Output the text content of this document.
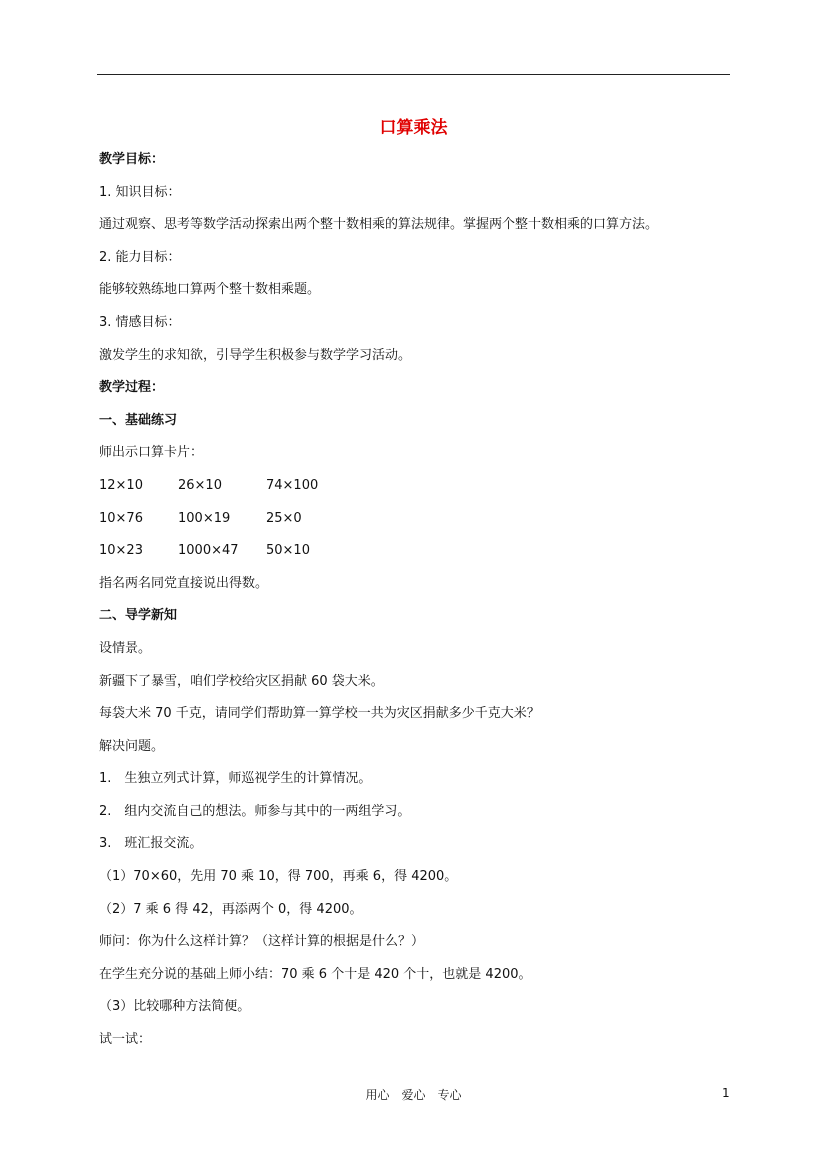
口算乘法
教学目标：
1. 知识目标：
通过观察、思考等数学活动探索出两个整十数相乘的算法规律。掌握两个整十数相乘的口算方法。
2. 能力目标：
能够较熟练地口算两个整十数相乘题。
3. 情感目标：
激发学生的求知欲，引导学生积极参与数学学习活动。
教学过程：
一、基础练习
师出示口算卡片：
12×10	26×10	74×100
10×76	100×19	25×0
10×23	1000×47 50×10
指名两名同党直接说出得数。
二、导学新知
设情景。
新疆下了暴雪，咱们学校给灾区捐献 60 袋大米。
每袋大米 70 千克，请同学们帮助算一算学校一共为灾区捐献多少千克大米？
解决问题。
1.　生独立列式计算，师巡视学生的计算情况。
2.　组内交流自己的想法。师参与其中的一两组学习。
3.　班汇报交流。
（1）70×60，先用 70 乘 10，得 700，再乘 6，得 4200。
（2）7 乘 6 得 42，再添两个 0，得 4200。
师问：你为什么这样计算？（这样计算的根据是什么？）
在学生充分说的基础上师小结：70 乘 6 个十是 420 个十，也就是 4200。
（3）比较哪种方法简便。
试一试：
用心　爱心　专心	1
